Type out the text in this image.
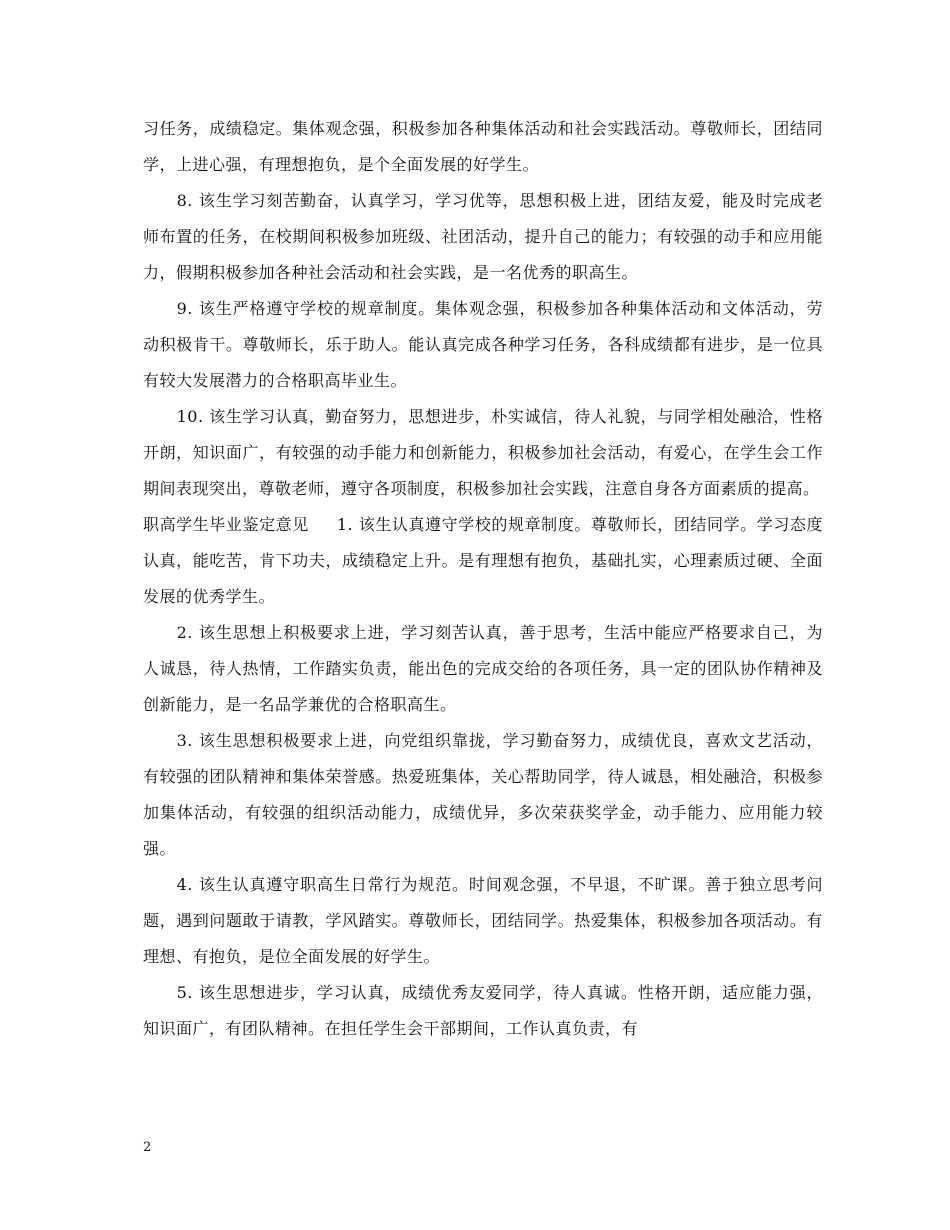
习任务，成绩稳定。集体观念强，积极参加各种集体活动和社会实践活动。尊敬师长，团结同学，上进心强，有理想抱负，是个全面发展的好学生。

8. 该生学习刻苦勤奋，认真学习，学习优等，思想积极上进，团结友爱，能及时完成老师布置的任务，在校期间积极参加班级、社团活动，提升自己的能力；有较强的动手和应用能力，假期积极参加各种社会活动和社会实践，是一名优秀的职高生。

9. 该生严格遵守学校的规章制度。集体观念强，积极参加各种集体活动和文体活动，劳动积极肯干。尊敬师长，乐于助人。能认真完成各种学习任务，各科成绩都有进步，是一位具有较大发展潜力的合格职高毕业生。

10. 该生学习认真，勤奋努力，思想进步，朴实诚信，待人礼貌，与同学相处融洽，性格开朗，知识面广，有较强的动手能力和创新能力，积极参加社会活动，有爱心，在学生会工作期间表现突出，尊敬老师，遵守各项制度，积极参加社会实践，注意自身各方面素质的提高。

职高学生毕业鉴定意见 1. 该生认真遵守学校的规章制度。尊敬师长，团结同学。学习态度认真，能吃苦，肯下功夫，成绩稳定上升。是有理想有抱负，基础扎实，心理素质过硬、全面发展的优秀学生。

2. 该生思想上积极要求上进，学习刻苦认真，善于思考，生活中能应严格要求自己，为人诚恳，待人热情，工作踏实负责，能出色的完成交给的各项任务，具一定的团队协作精神及创新能力，是一名品学兼优的合格职高生。

3. 该生思想积极要求上进，向党组织靠拢，学习勤奋努力，成绩优良，喜欢文艺活动，有较强的团队精神和集体荣誉感。热爱班集体，关心帮助同学，待人诚恳，相处融洽，积极参加集体活动，有较强的组织活动能力，成绩优异，多次荣获奖学金，动手能力、应用能力较强。

4. 该生认真遵守职高生日常行为规范。时间观念强，不早退，不旷课。善于独立思考问题，遇到问题敢于请教，学风踏实。尊敬师长，团结同学。热爱集体，积极参加各项活动。有理想、有抱负，是位全面发展的好学生。

5. 该生思想进步，学习认真，成绩优秀友爱同学，待人真诚。性格开朗，适应能力强，知识面广，有团队精神。在担任学生会干部期间，工作认真负责，有

2
